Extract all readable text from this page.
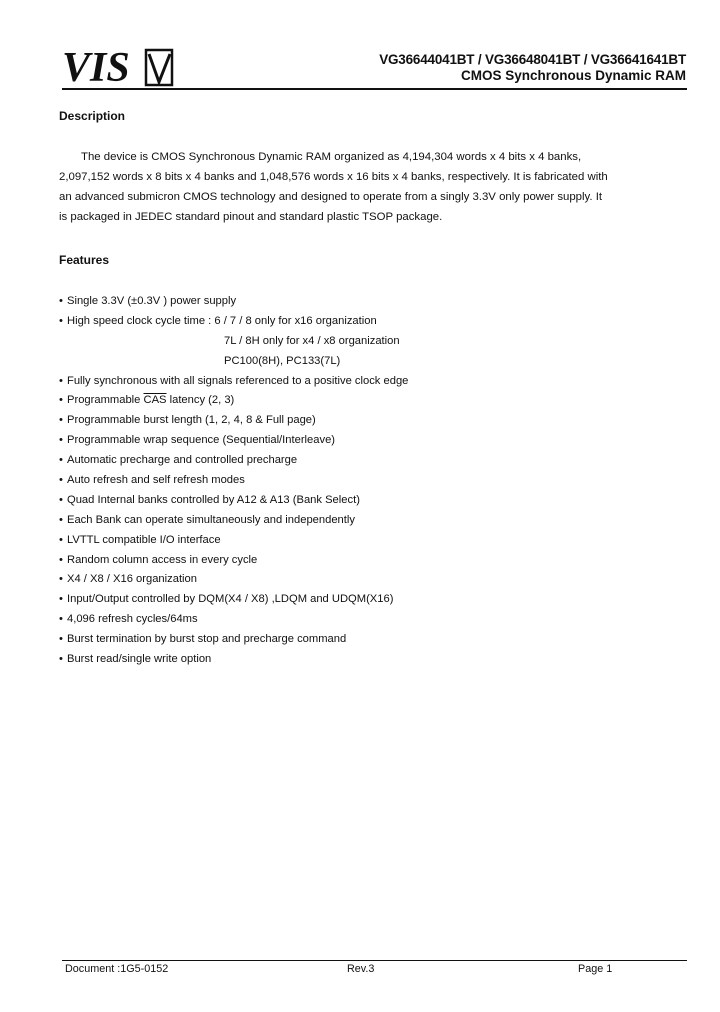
VIS	VG36644041BT / VG36648041BT / VG36641641BT
CMOS Synchronous Dynamic RAM
Description
The device is CMOS Synchronous Dynamic RAM organized as 4,194,304 words x 4 bits x 4 banks,
2,097,152 words x 8 bits x 4 banks and 1,048,576 words x 16 bits x 4 banks, respectively. It is fabricated with
an advanced submicron CMOS technology and designed to operate from a singly 3.3V only power supply. It
is packaged in JEDEC standard pinout and standard plastic TSOP package.
Features
• Single 3.3V (±0.3V ) power supply
• High speed clock cycle time : 6 / 7 / 8 only for x16 organization
7L / 8H only for x4 / x8 organization
PC100(8H), PC133(7L)
• Fully synchronous with all signals referenced to a positive clock edge
• Programmable $\overline{CAS}$ latency (2, 3)
• Programmable burst length (1, 2, 4, 8 & Full page)
• Programmable wrap sequence (Sequential/Interleave)
• Automatic precharge and controlled precharge
• Auto refresh and self refresh modes
• Quad Internal banks controlled by A12 & A13 (Bank Select)
• Each Bank can operate simultaneously and independently
• LVTTL compatible I/O interface
• Random column access in every cycle
• X4 / X8 / X16 organization
• Input/Output controlled by DQM(X4 / X8) ,LDQM and UDQM(X16)
• 4,096 refresh cycles/64ms
• Burst termination by burst stop and precharge command
• Burst read/single write option
Document :1G5-0152	Rev.3	Page 1
